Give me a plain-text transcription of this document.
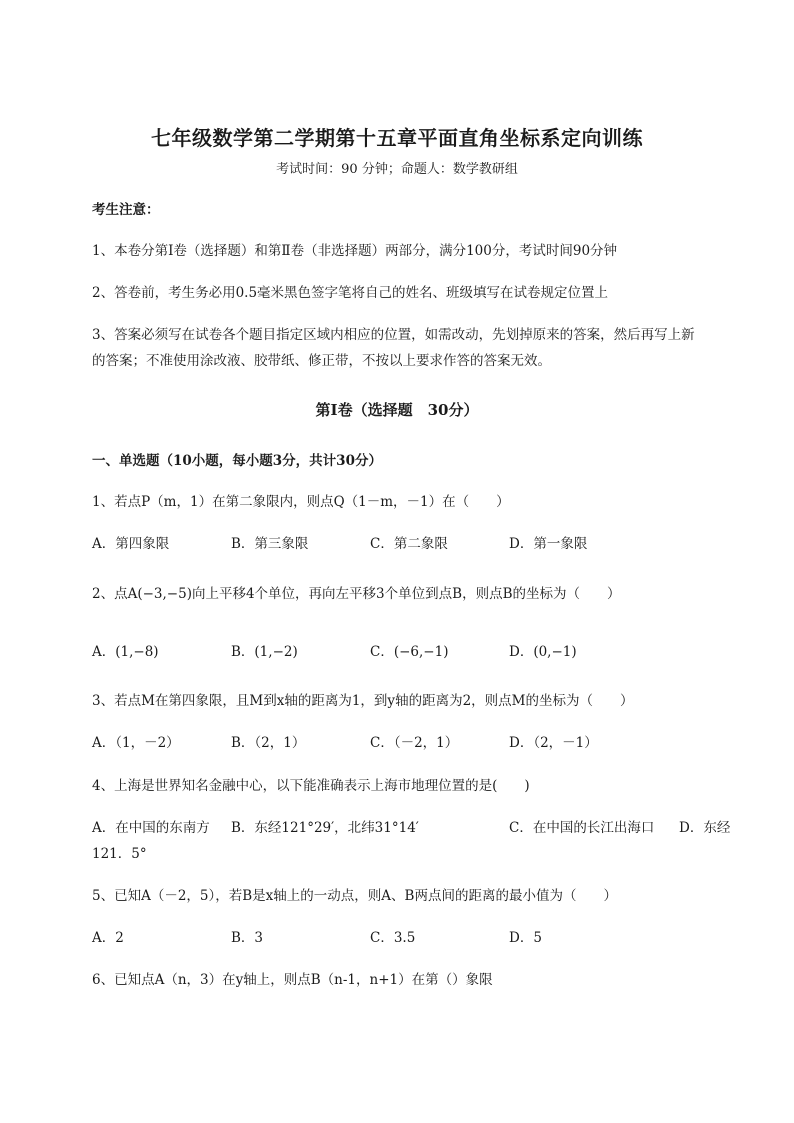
七年级数学第二学期第十五章平面直角坐标系定向训练
考试时间：90 分钟；命题人：数学教研组
考生注意：
1、本卷分第Ⅰ卷（选择题）和第Ⅱ卷（非选择题）两部分，满分100分，考试时间90分钟
2、答卷前，考生务必用0.5毫米黑色签字笔将自己的姓名、班级填写在试卷规定位置上
3、答案必须写在试卷各个题目指定区域内相应的位置，如需改动，先划掉原来的答案，然后再写上新
的答案；不准使用涂改液、胶带纸、修正带，不按以上要求作答的答案无效。
第Ⅰ卷（选择题　30分）
一、单选题（10小题，每小题3分，共计30分）
1、若点P（m，1）在第二象限内，则点Q（1－m，－1）在（　　）
A．第四象限	B．第三象限	C．第二象限	D．第一象限
2、点A(−3,−5)向上平移4个单位，再向左平移3个单位到点B，则点B的坐标为（　　）
A．(1,−8)	B．(1,−2)	C．(−6,−1)	D．(0,−1)
3、若点M在第四象限，且M到x轴的距离为1，到y轴的距离为2，则点M的坐标为（　　）
A．（1，－2）	B．（2，1）	C．（－2，1）	D．（2，－1）
4、上海是世界知名金融中心，以下能准确表示上海市地理位置的是(　　)
A．在中国的东南方 B．东经121°29′，北纬31°14′	C．在中国的长江出海口 D．东经
121．5°
5、已知A（－2，5），若B是x轴上的一动点，则A、B两点间的距离的最小值为（　　）
A．2	B．3	C．3.5	D．5
6、已知点A（n，3）在y轴上，则点B（n-1，n+1）在第（）象限
